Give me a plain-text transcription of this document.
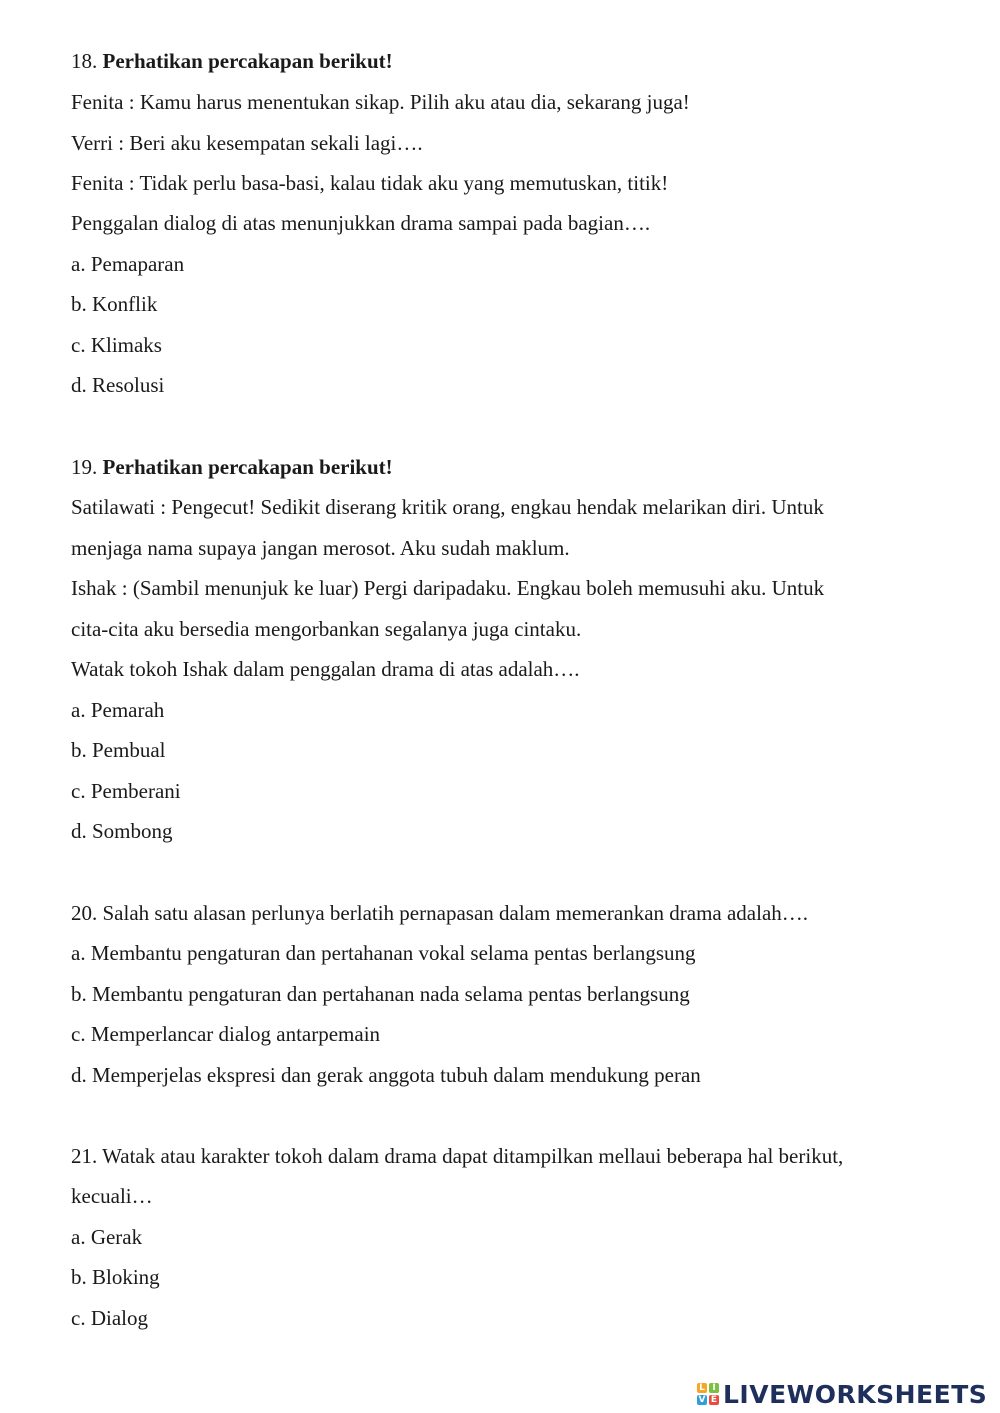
18. Perhatikan percakapan berikut!
Fenita : Kamu harus menentukan sikap. Pilih aku atau dia, sekarang juga!
Verri : Beri aku kesempatan sekali lagi….
Fenita : Tidak perlu basa-basi, kalau tidak aku yang memutuskan, titik!
Penggalan dialog di atas menunjukkan drama sampai pada bagian….
a. Pemaparan
b. Konflik
c. Klimaks
d. Resolusi
19. Perhatikan percakapan berikut!
Satilawati : Pengecut! Sedikit diserang kritik orang, engkau hendak melarikan diri. Untuk
menjaga nama supaya jangan merosot. Aku sudah maklum.
Ishak : (Sambil menunjuk ke luar) Pergi daripadaku. Engkau boleh memusuhi aku. Untuk
cita-cita aku bersedia mengorbankan segalanya juga cintaku.
Watak tokoh Ishak dalam penggalan drama di atas adalah….
a. Pemarah
b. Pembual
c. Pemberani
d. Sombong
20. Salah satu alasan perlunya berlatih pernapasan dalam memerankan drama adalah….
a. Membantu pengaturan dan pertahanan vokal selama pentas berlangsung
b. Membantu pengaturan dan pertahanan nada selama pentas berlangsung
c. Memperlancar dialog antarpemain
d. Memperjelas ekspresi dan gerak anggota tubuh dalam mendukung peran
21. Watak atau karakter tokoh dalam drama dapat ditampilkan mellaui beberapa hal berikut,
kecuali…
a. Gerak
b. Bloking
c. Dialog
L I
V E LIVEWORKSHEETS
